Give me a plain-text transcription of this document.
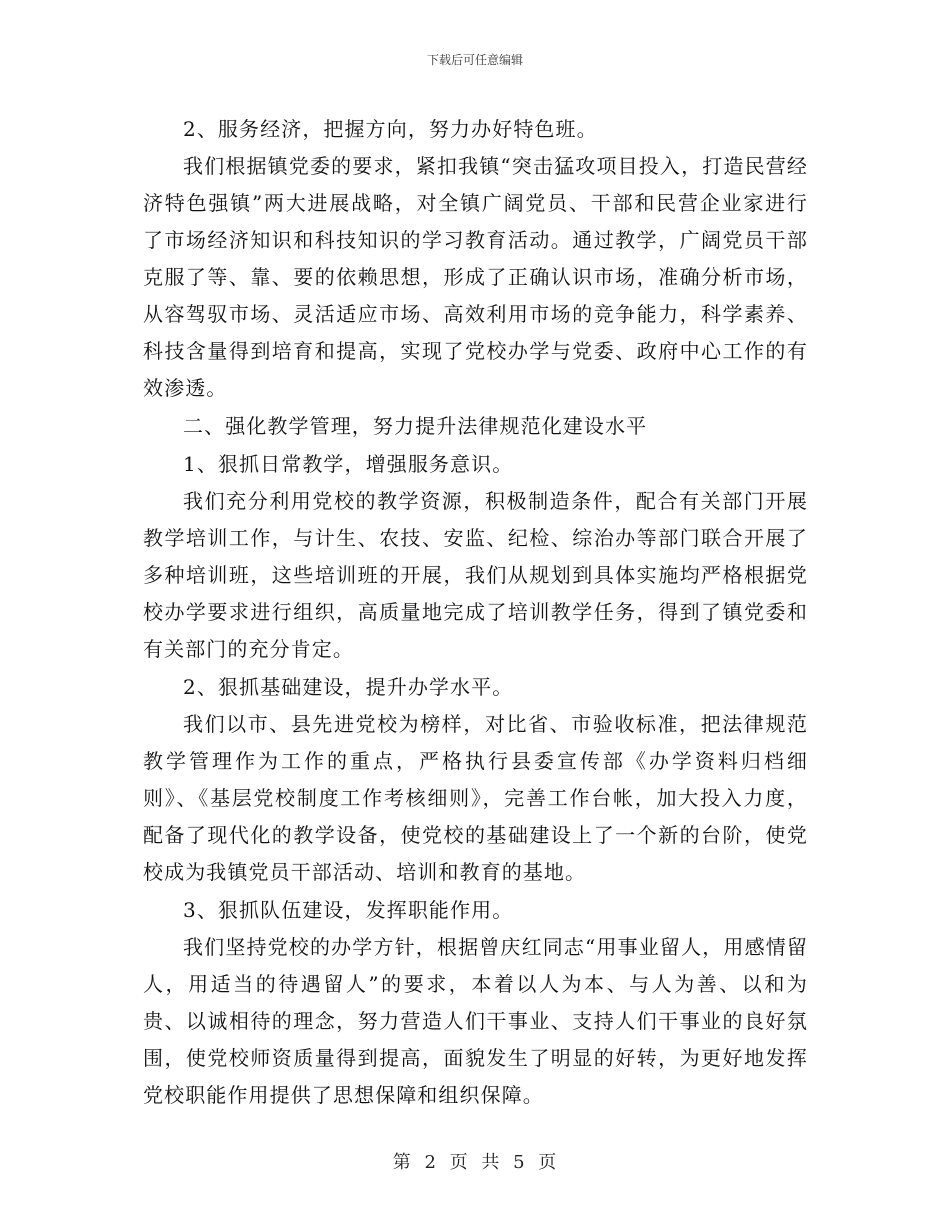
下载后可任意编辑

2、服务经济，把握方向，努力办好特色班。

我们根据镇党委的要求，紧扣我镇“突击猛攻项目投入，打造民营经济特色强镇”两大进展战略，对全镇广阔党员、干部和民营企业家进行了市场经济知识和科技知识的学习教育活动。通过教学，广阔党员干部克服了等、靠、要的依赖思想，形成了正确认识市场，准确分析市场，从容驾驭市场、灵活适应市场、高效利用市场的竞争能力，科学素养、科技含量得到培育和提高，实现了党校办学与党委、政府中心工作的有效渗透。

二、强化教学管理，努力提升法律规范化建设水平

1、狠抓日常教学，增强服务意识。

我们充分利用党校的教学资源，积极制造条件，配合有关部门开展教学培训工作，与计生、农技、安监、纪检、综治办等部门联合开展了多种培训班，这些培训班的开展，我们从规划到具体实施均严格根据党校办学要求进行组织，高质量地完成了培训教学任务，得到了镇党委和有关部门的充分肯定。

2、狠抓基础建设，提升办学水平。

我们以市、县先进党校为榜样，对比省、市验收标准，把法律规范教学管理作为工作的重点，严格执行县委宣传部《办学资料归档细则》、《基层党校制度工作考核细则》，完善工作台帐，加大投入力度，配备了现代化的教学设备，使党校的基础建设上了一个新的台阶，使党校成为我镇党员干部活动、培训和教育的基地。

3、狠抓队伍建设，发挥职能作用。

我们坚持党校的办学方针，根据曾庆红同志“用事业留人，用感情留人，用适当的待遇留人”的要求，本着以人为本、与人为善、以和为贵、以诚相待的理念，努力营造人们干事业、支持人们干事业的良好氛围，使党校师资质量得到提高，面貌发生了明显的好转，为更好地发挥党校职能作用提供了思想保障和组织保障。

第 2 页 共 5 页
